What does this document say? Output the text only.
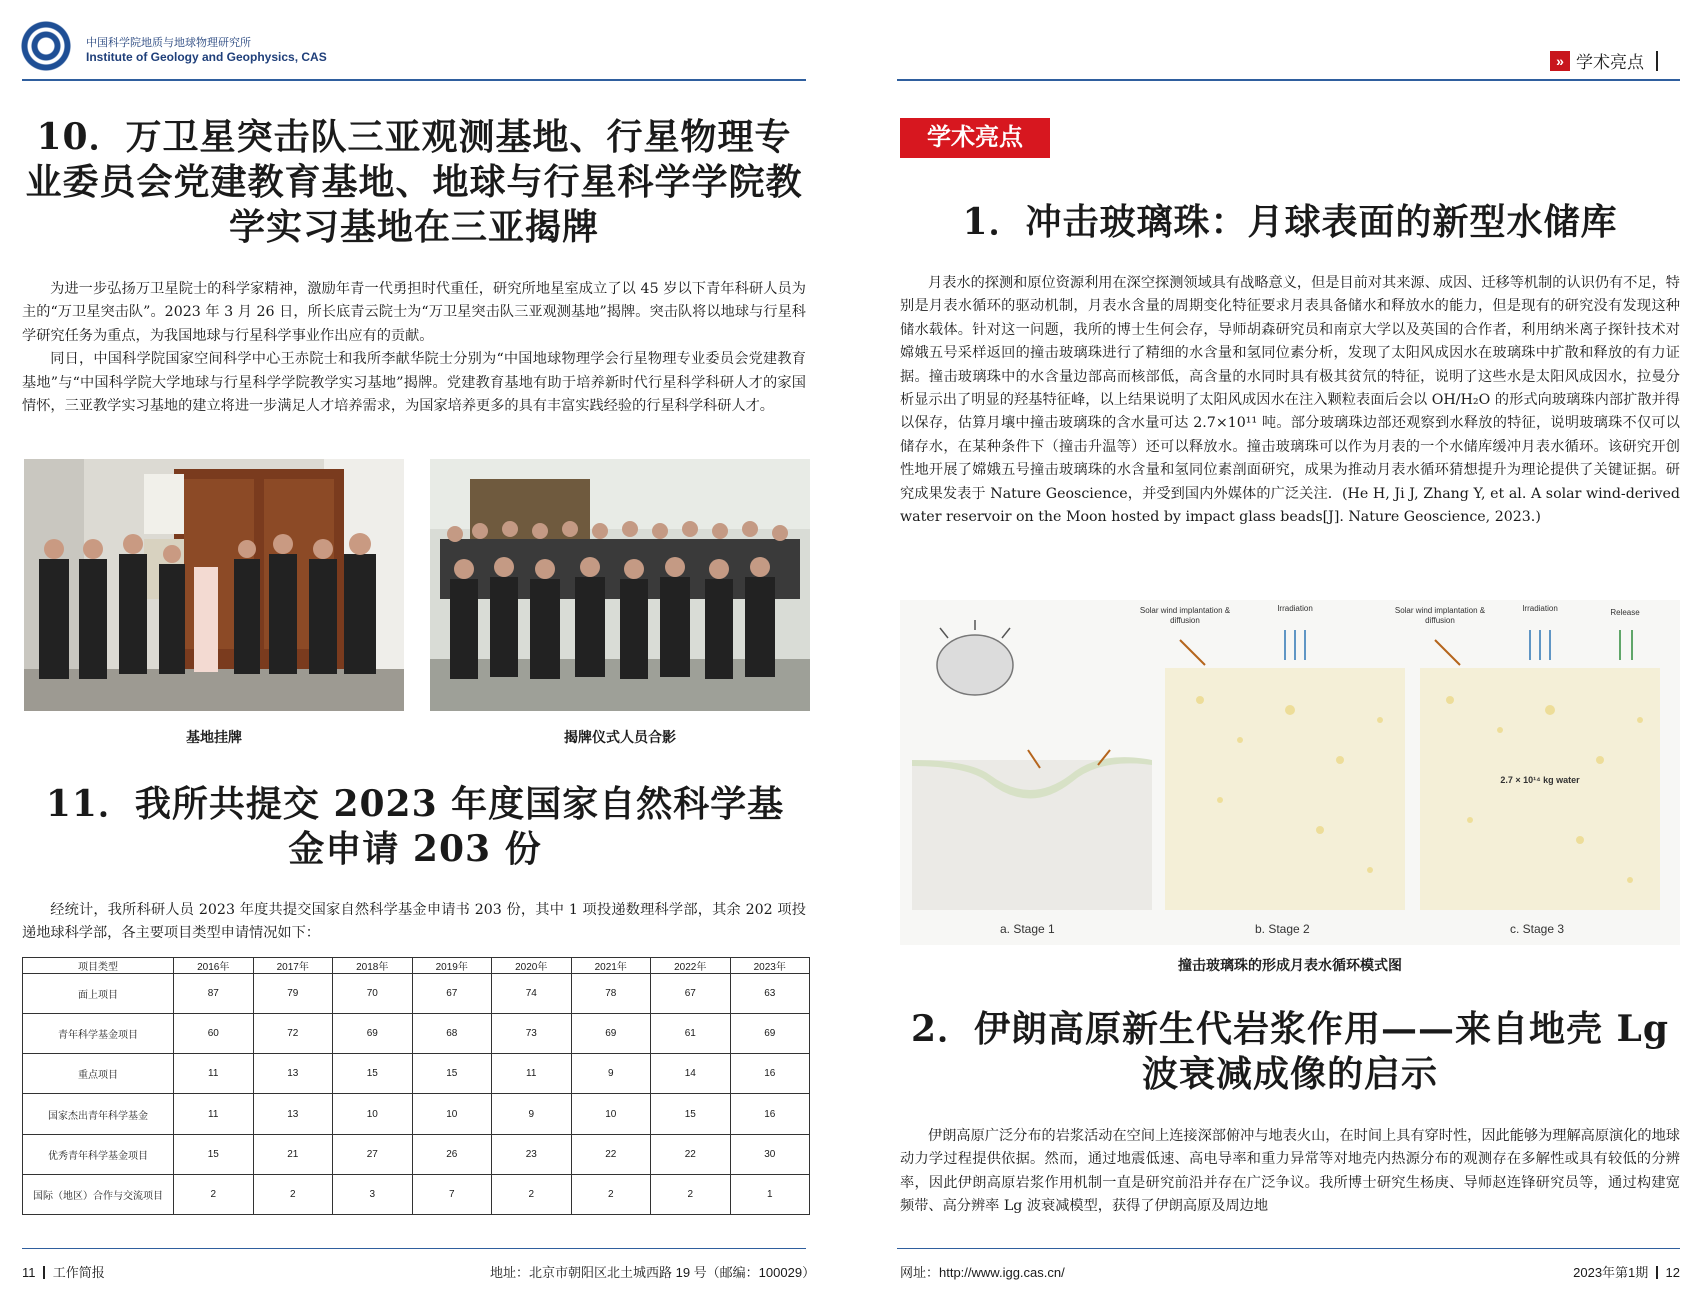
中国科学院地质与地球物理研究所
Institute of Geology and Geophysics, CAS	» 学术亮点
10．万卫星突击队三亚观测基地、行星物理专业委员会党建教育基地、地球与行星科学学院教学实习基地在三亚揭牌

为进一步弘扬万卫星院士的科学家精神，激励年青一代勇担时代重任，研究所地星室成立了以 45 岁以下青年科研人员为主的“万卫星突击队”。2023 年 3 月 26 日，所长底青云院士为“万卫星突击队三亚观测基地”揭牌。突击队将以地球与行星科学研究任务为重点，为我国地球与行星科学事业作出应有的贡献。

同日，中国科学院国家空间科学中心王赤院士和我所李献华院士分别为“中国地球物理学会行星物理专业委员会党建教育基地”与“中国科学院大学地球与行星科学学院教学实习基地”揭牌。党建教育基地有助于培养新时代行星科学科研人才的家国情怀，三亚教学实习基地的建立将进一步满足人才培养需求，为国家培养更多的具有丰富实践经验的行星科学科研人才。

基地挂牌	揭牌仪式人员合影
11．我所共提交 2023 年度国家自然科学基金申请 203 份

经统计，我所科研人员 2023 年度共提交国家自然科学基金申请书 203 份，其中 1 项投递数理科学部，其余 202 项投递地球科学部，各主要项目类型申请情况如下：

项目类型	2016年	2017年	2018年	2019年	2020年	2021年	2022年	2023年
面上项目	87	79	70	67	74	78	67	63
青年科学基金项目	60	72	69	68	73	69	61	69
重点项目	11	13	15	15	11	9	14	16
国家杰出青年科学基金	11	13	10	10	9	10	15	16
优秀青年科学基金项目	15	21	27	26	23	22	22	30
国际（地区）合作与交流项目	2	2	3	7	2	2	2	1
11 工作简报	地址：北京市朝阳区北土城西路 19 号（邮编：100029）
学术亮点
1．冲击玻璃珠：月球表面的新型水储库

月表水的探测和原位资源利用在深空探测领域具有战略意义，但是目前对其来源、成因、迁移等机制的认识仍有不足，特别是月表水循环的驱动机制，月表水含量的周期变化特征要求月表具备储水和释放水的能力，但是现有的研究没有发现这种储水载体。针对这一问题，我所的博士生何会存，导师胡森研究员和南京大学以及英国的合作者，利用纳米离子探针技术对嫦娥五号采样返回的撞击玻璃珠进行了精细的水含量和氢同位素分析，发现了太阳风成因水在玻璃珠中扩散和释放的有力证据。撞击玻璃珠中的水含量边部高而核部低，高含量的水同时具有极其贫氘的特征，说明了这些水是太阳风成因水，拉曼分析显示出了明显的羟基特征峰，以上结果说明了太阳风成因水在注入颗粒表面后会以 OH/H₂O 的形式向玻璃珠内部扩散并得以保存，估算月壤中撞击玻璃珠的含水量可达 2.7×10¹¹ 吨。部分玻璃珠边部还观察到水释放的特征，说明玻璃珠不仅可以储存水，在某种条件下（撞击升温等）还可以释放水。撞击玻璃珠可以作为月表的一个水储库缓冲月表水循环。该研究开创性地开展了嫦娥五号撞击玻璃珠的水含量和氢同位素剖面研究，成果为推动月表水循环猜想提升为理论提供了关键证据。研究成果发表于 Nature Geoscience，并受到国内外媒体的广泛关注．(He H, Ji J, Zhang Y, et al. A solar wind-derived water reservoir on the Moon hosted by impact glass beads[J]. Nature Geoscience, 2023.)

Solar wind implantation & diffusion
Irradiation	Solar wind implantation & diffusion
Irradiation	Release
2.7 × 10¹⁴ kg water
a. Stage 1	b. Stage 2	c. Stage 3
撞击玻璃珠的形成月表水循环模式图
2．伊朗高原新生代岩浆作用——来自地壳 Lg 波衰减成像的启示

伊朗高原广泛分布的岩浆活动在空间上连接深部俯冲与地表火山，在时间上具有穿时性，因此能够为理解高原演化的地球动力学过程提供依据。然而，通过地震低速、高电导率和重力异常等对地壳内热源分布的观测存在多解性或具有较低的分辨率，因此伊朗高原岩浆作用机制一直是研究前沿并存在广泛争议。我所博士研究生杨庚、导师赵连锋研究员等，通过构建宽频带、高分辨率 Lg 波衰减模型，获得了伊朗高原及周边地

网址：http://www.igg.cas.cn/	2023年第1期 12
